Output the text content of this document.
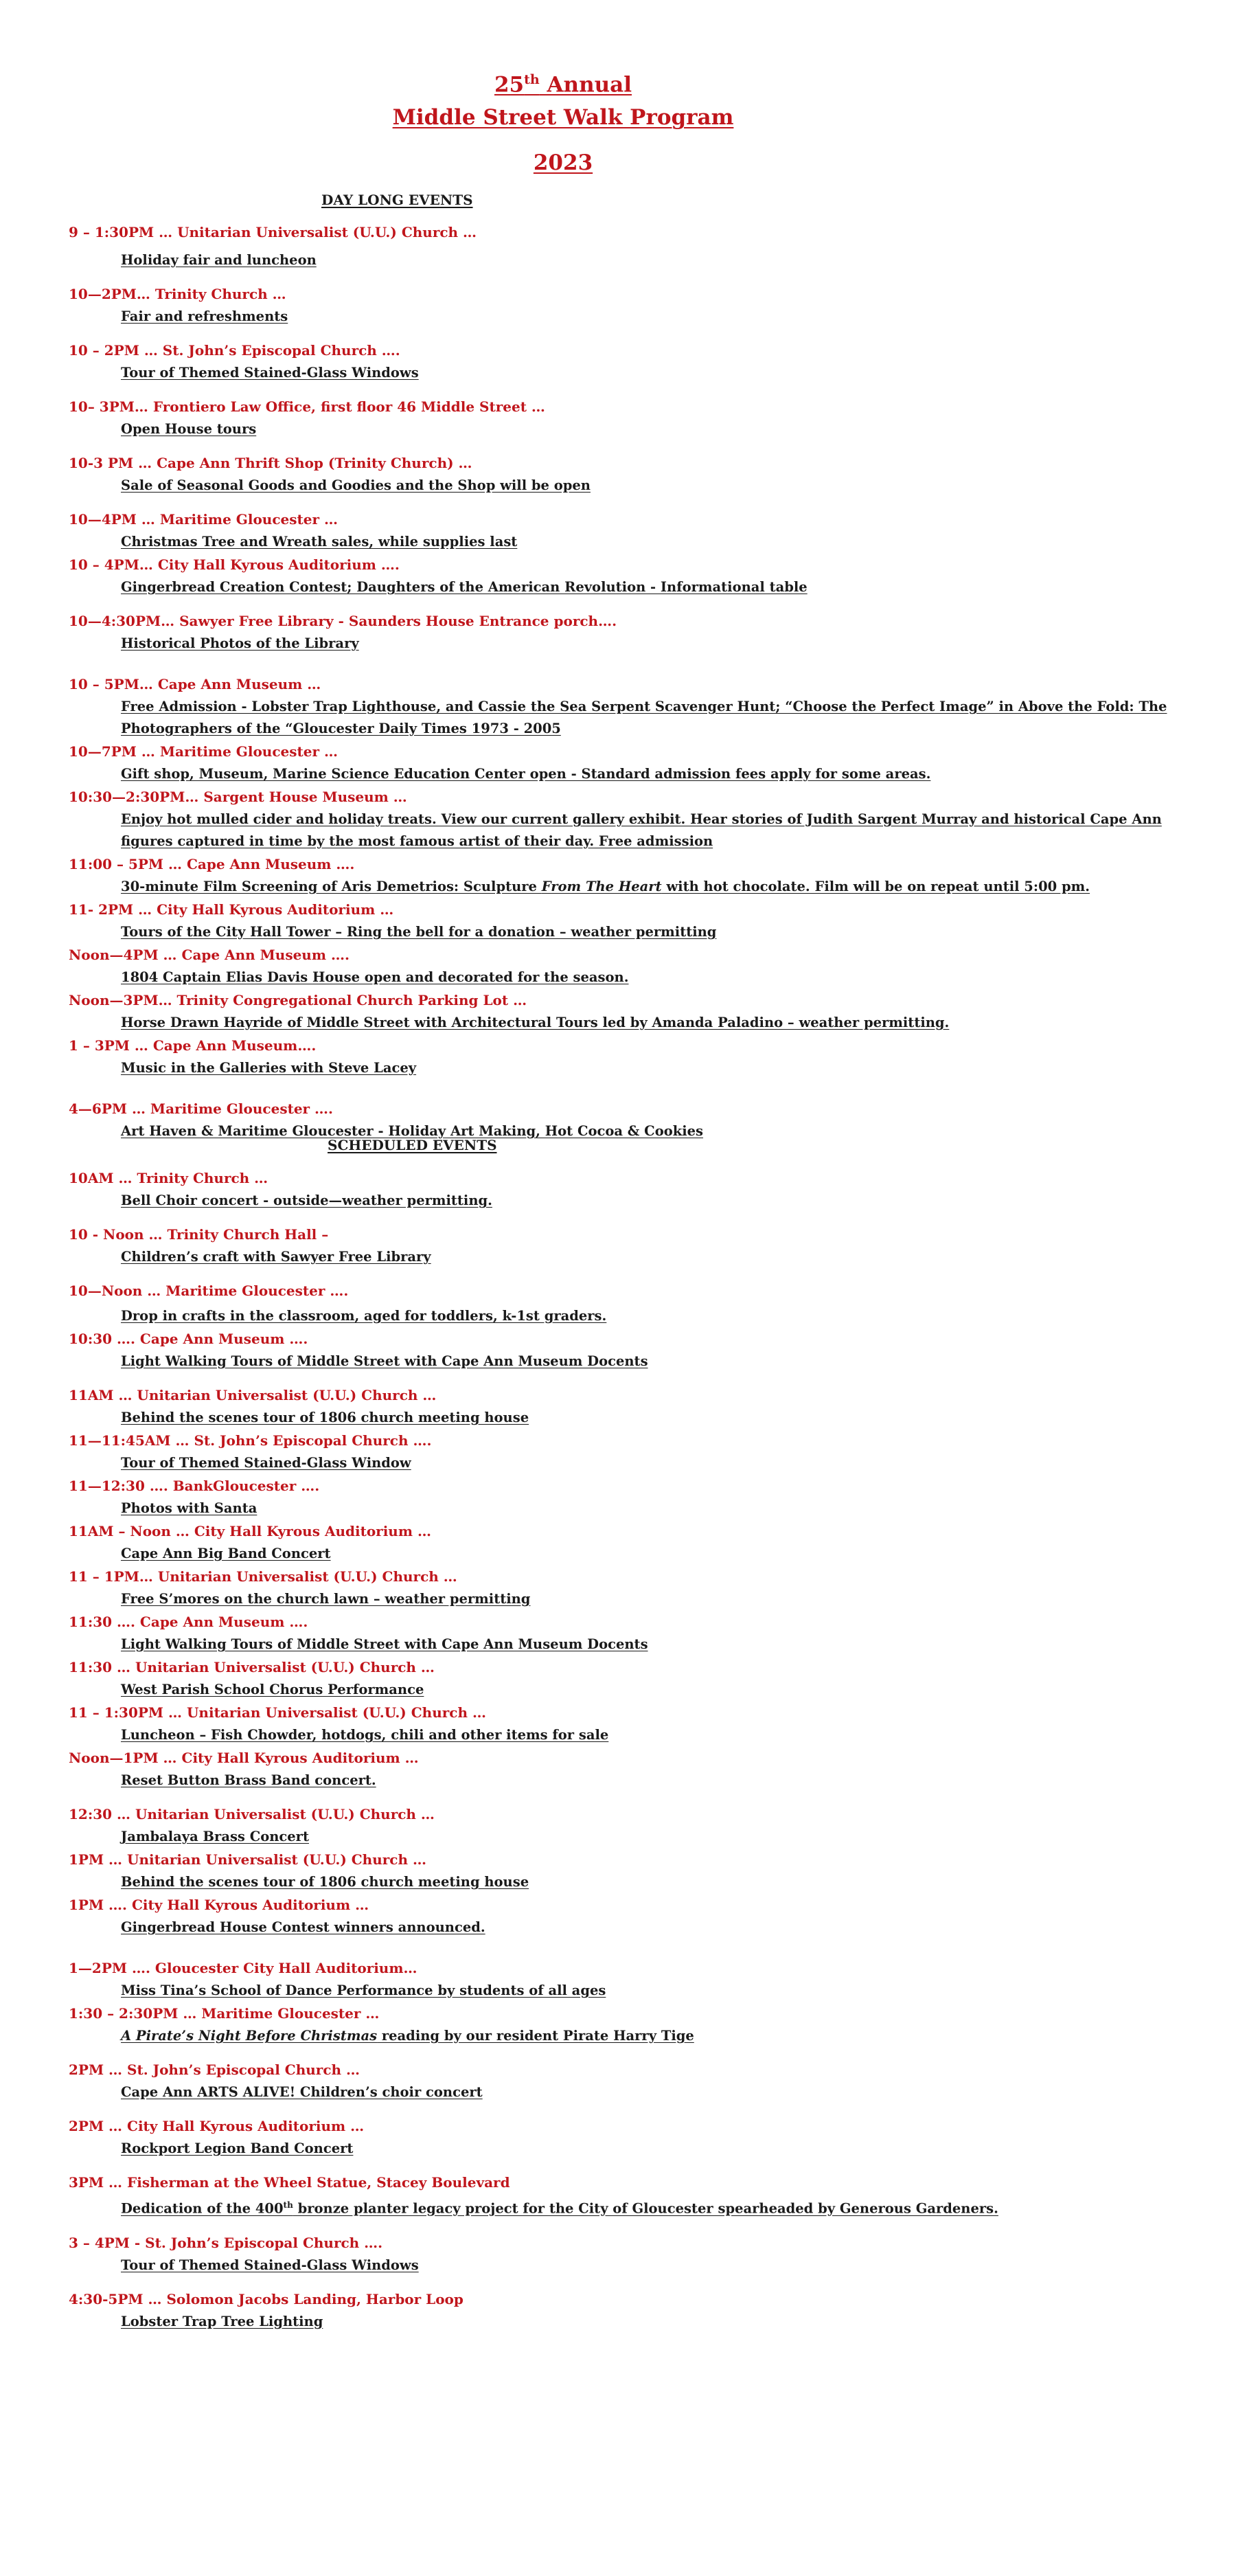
25th Annual
Middle Street Walk Program
2023
DAY LONG EVENTS
9 – 1:30PM … Unitarian Universalist (U.U.) Church …
Holiday fair and luncheon
10—2PM… Trinity Church …
Fair and refreshments
10 – 2PM … St. John’s Episcopal Church ….
Tour of Themed Stained-Glass Windows
10– 3PM… Frontiero Law Office, first floor 46 Middle Street …
Open House tours
10-3 PM … Cape Ann Thrift Shop (Trinity Church) …
Sale of Seasonal Goods and Goodies and the Shop will be open
10—4PM … Maritime Gloucester …
Christmas Tree and Wreath sales, while supplies last
10 – 4PM… City Hall Kyrous Auditorium ….
Gingerbread Creation Contest; Daughters of the American Revolution - Informational table
10—4:30PM… Sawyer Free Library - Saunders House Entrance porch….
Historical Photos of the Library
10 – 5PM… Cape Ann Museum …
Free Admission - Lobster Trap Lighthouse, and Cassie the Sea Serpent Scavenger Hunt; “Choose the Perfect Image” in Above the Fold: The Photographers of the “Gloucester Daily Times 1973 - 2005
10—7PM … Maritime Gloucester …
Gift shop, Museum, Marine Science Education Center open - Standard admission fees apply for some areas.
10:30—2:30PM… Sargent House Museum …
Enjoy hot mulled cider and holiday treats. View our current gallery exhibit. Hear stories of Judith Sargent Murray and historical Cape Ann figures captured in time by the most famous artist of their day. Free admission
11:00 – 5PM … Cape Ann Museum ….
30-minute Film Screening of Aris Demetrios: Sculpture From The Heart with hot chocolate. Film will be on repeat until 5:00 pm.
11- 2PM … City Hall Kyrous Auditorium …
Tours of the City Hall Tower – Ring the bell for a donation – weather permitting
Noon—4PM … Cape Ann Museum ….
1804 Captain Elias Davis House open and decorated for the season.
Noon—3PM… Trinity Congregational Church Parking Lot …
Horse Drawn Hayride of Middle Street with Architectural Tours led by Amanda Paladino – weather permitting.
1 – 3PM … Cape Ann Museum….
Music in the Galleries with Steve Lacey
4—6PM … Maritime Gloucester ….
Art Haven & Maritime Gloucester - Holiday Art Making, Hot Cocoa & Cookies
SCHEDULED EVENTS
10AM … Trinity Church …
Bell Choir concert - outside—weather permitting.
10 - Noon … Trinity Church Hall –
Children’s craft with Sawyer Free Library
10—Noon … Maritime Gloucester ….
Drop in crafts in the classroom, aged for toddlers, k-1st graders.
10:30 …. Cape Ann Museum ….
Light Walking Tours of Middle Street with Cape Ann Museum Docents
11AM … Unitarian Universalist (U.U.) Church …
Behind the scenes tour of 1806 church meeting house
11—11:45AM … St. John’s Episcopal Church ….
Tour of Themed Stained-Glass Window
11—12:30 …. BankGloucester ….
Photos with Santa
11AM – Noon … City Hall Kyrous Auditorium …
Cape Ann Big Band Concert
11 – 1PM… Unitarian Universalist (U.U.) Church …
Free S’mores on the church lawn – weather permitting
11:30 …. Cape Ann Museum ….
Light Walking Tours of Middle Street with Cape Ann Museum Docents
11:30 … Unitarian Universalist (U.U.) Church …
West Parish School Chorus Performance
11 – 1:30PM … Unitarian Universalist (U.U.) Church …
Luncheon – Fish Chowder, hotdogs, chili and other items for sale
Noon—1PM … City Hall Kyrous Auditorium …
Reset Button Brass Band concert.
12:30 … Unitarian Universalist (U.U.) Church …
Jambalaya Brass Concert
1PM … Unitarian Universalist (U.U.) Church …
Behind the scenes tour of 1806 church meeting house
1PM …. City Hall Kyrous Auditorium …
Gingerbread House Contest winners announced.
1—2PM …. Gloucester City Hall Auditorium…
Miss Tina’s School of Dance Performance by students of all ages
1:30 – 2:30PM … Maritime Gloucester …
A Pirate’s Night Before Christmas reading by our resident Pirate Harry Tige
2PM … St. John’s Episcopal Church …
Cape Ann ARTS ALIVE! Children’s choir concert
2PM … City Hall Kyrous Auditorium …
Rockport Legion Band Concert
3PM … Fisherman at the Wheel Statue, Stacey Boulevard
Dedication of the 400th bronze planter legacy project for the City of Gloucester spearheaded by Generous Gardeners.
3 – 4PM - St. John’s Episcopal Church ….
Tour of Themed Stained-Glass Windows
4:30-5PM … Solomon Jacobs Landing, Harbor Loop
Lobster Trap Tree Lighting
